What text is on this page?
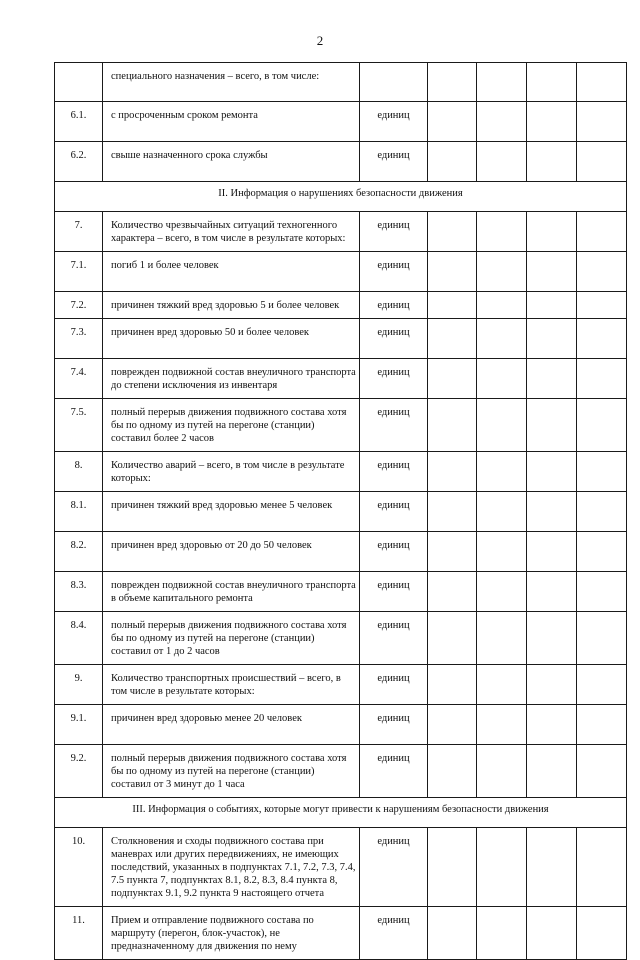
2
	специального назначения – всего, в том числе:					
6.1.	с просроченным сроком ремонта	единиц				
6.2.	свыше назначенного срока службы	единиц				
II. Информация о нарушениях безопасности движения						
7.	Количество чрезвычайных ситуаций техногенного характера – всего, в том числе в результате которых:	единиц				
7.1.	погиб 1 и более человек	единиц				
7.2.	причинен тяжкий вред здоровью 5 и более человек	единиц				
7.3.	причинен вред здоровью 50 и более человек	единиц				
7.4.	поврежден подвижной состав внеуличного транспорта до степени исключения из инвентаря	единиц				
7.5.	полный перерыв движения подвижного состава хотя бы по одному из путей на перегоне (станции) составил более 2 часов	единиц				
8.	Количество аварий – всего, в том числе в результате которых:	единиц				
8.1.	причинен тяжкий вред здоровью менее 5 человек	единиц				
8.2.	причинен вред здоровью от 20 до 50 человек	единиц				
8.3.	поврежден подвижной состав внеуличного транспорта в объеме капитального ремонта	единиц				
8.4.	полный перерыв движения подвижного состава хотя бы по одному из путей на перегоне (станции) составил от 1 до 2 часов	единиц				
9.	Количество транспортных происшествий – всего, в том числе в результате которых:	единиц				
9.1.	причинен вред здоровью менее 20 человек	единиц				
9.2.	полный перерыв движения подвижного состава хотя бы по одному из путей на перегоне (станции) составил от 3 минут до 1 часа	единиц				
III. Информация о событиях, которые могут привести к нарушениям безопасности движения						
10.	Столкновения и сходы подвижного состава при маневрах или других передвижениях, не имеющих последствий, указанных в подпунктах 7.1, 7.2, 7.3, 7.4, 7.5 пункта 7, подпунктах 8.1, 8.2, 8.3, 8.4 пункта 8, подпунктах 9.1, 9.2 пункта 9 настоящего отчета	единиц				
11.	Прием и отправление подвижного состава по маршруту (перегон, блок-участок), не предназначенному для движения по нему	единиц				
